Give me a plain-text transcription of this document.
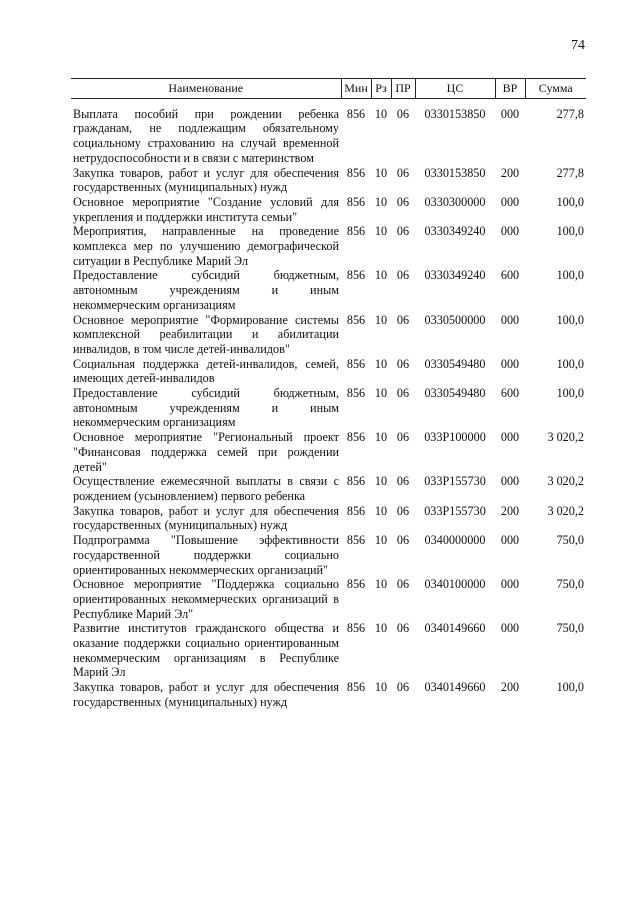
74
Наименование	Мин	Рз	ПР	ЦС	ВР	Сумма

Выплата пособий при рождении ребенка гражданам, не подлежащим обязательному социальному страхованию на случай временной нетрудоспособности и в связи с материнством	856	10	06	0330153850	000	277,8
Закупка товаров, работ и услуг для обеспечения государственных (муниципальных) нужд	856	10	06	0330153850	200	277,8
Основное мероприятие "Создание условий для укрепления и поддержки института семьи"	856	10	06	0330300000	000	100,0
Мероприятия, направленные на проведение комплекса мер по улучшению демографической ситуации в Республике Марий Эл	856	10	06	0330349240	000	100,0
Предоставление субсидий бюджетным, автономным учреждениям и иным некоммерческим организациям	856	10	06	0330349240	600	100,0
Основное мероприятие "Формирование системы комплексной реабилитации и абилитации инвалидов, в том числе детей-инвалидов"	856	10	06	0330500000	000	100,0
Социальная поддержка детей-инвалидов, семей, имеющих детей-инвалидов	856	10	06	0330549480	000	100,0
Предоставление субсидий бюджетным, автономным учреждениям и иным некоммерческим организациям	856	10	06	0330549480	600	100,0
Основное мероприятие "Региональный проект "Финансовая поддержка семей при рождении детей"	856	10	06	033P100000	000	3 020,2
Осуществление ежемесячной выплаты в связи с рождением (усыновлением) первого ребенка	856	10	06	033P155730	000	3 020,2
Закупка товаров, работ и услуг для обеспечения государственных (муниципальных) нужд	856	10	06	033P155730	200	3 020,2
Подпрограмма "Повышение эффективности государственной поддержки социально ориентированных некоммерческих организаций"	856	10	06	0340000000	000	750,0
Основное мероприятие "Поддержка социально ориентированных некоммерческих организаций в Республике Марий Эл"	856	10	06	0340100000	000	750,0
Развитие институтов гражданского общества и оказание поддержки социально ориентированным некоммерческим организациям в Республике Марий Эл	856	10	06	0340149660	000	750,0
Закупка товаров, работ и услуг для обеспечения государственных (муниципальных) нужд	856	10	06	0340149660	200	100,0
